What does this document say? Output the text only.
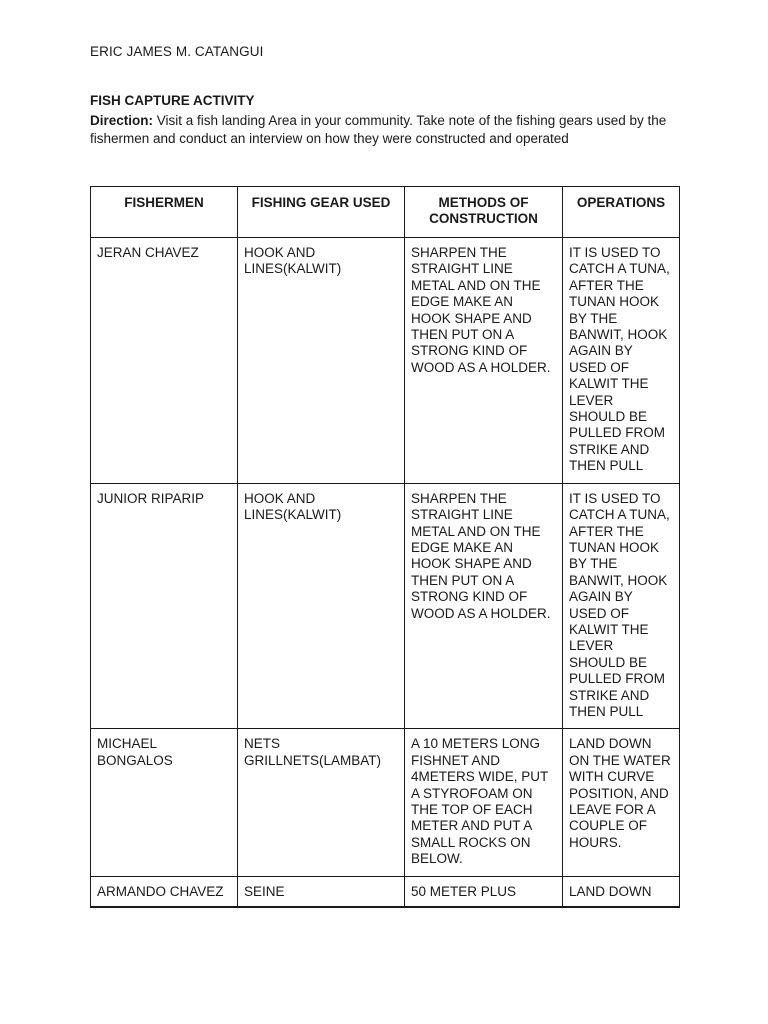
ERIC JAMES M. CATANGUI
FISH CAPTURE ACTIVITY
Direction: Visit a fish landing Area in your community. Take note of the fishing gears used by the fishermen and conduct an interview on how they were constructed and operated
FISHERMEN	FISHING GEAR USED	METHODS OF CONSTRUCTION	OPERATIONS
JERAN CHAVEZ	HOOK AND LINES(KALWIT)	SHARPEN THE STRAIGHT LINE METAL AND ON THE EDGE MAKE AN HOOK SHAPE AND THEN PUT ON A STRONG KIND OF WOOD AS A HOLDER.	IT IS USED TO CATCH A TUNA, AFTER THE TUNAN HOOK BY THE BANWIT, HOOK AGAIN BY USED OF KALWIT THE LEVER SHOULD BE PULLED FROM STRIKE AND THEN PULL
JUNIOR RIPARIP	HOOK AND LINES(KALWIT)	SHARPEN THE STRAIGHT LINE METAL AND ON THE EDGE MAKE AN HOOK SHAPE AND THEN PUT ON A STRONG KIND OF WOOD AS A HOLDER.	IT IS USED TO CATCH A TUNA, AFTER THE TUNAN HOOK BY THE BANWIT, HOOK AGAIN BY USED OF KALWIT THE LEVER SHOULD BE PULLED FROM STRIKE AND THEN PULL
MICHAEL BONGALOS	NETS GRILLNETS(LAMBAT)	A 10 METERS LONG FISHNET AND 4METERS WIDE, PUT A STYROFOAM ON THE TOP OF EACH METER AND PUT A SMALL ROCKS ON BELOW.	LAND DOWN ON THE WATER WITH CURVE POSITION, AND LEAVE FOR A COUPLE OF HOURS.
ARMANDO CHAVEZ	SEINE	50 METER PLUS	LAND DOWN
